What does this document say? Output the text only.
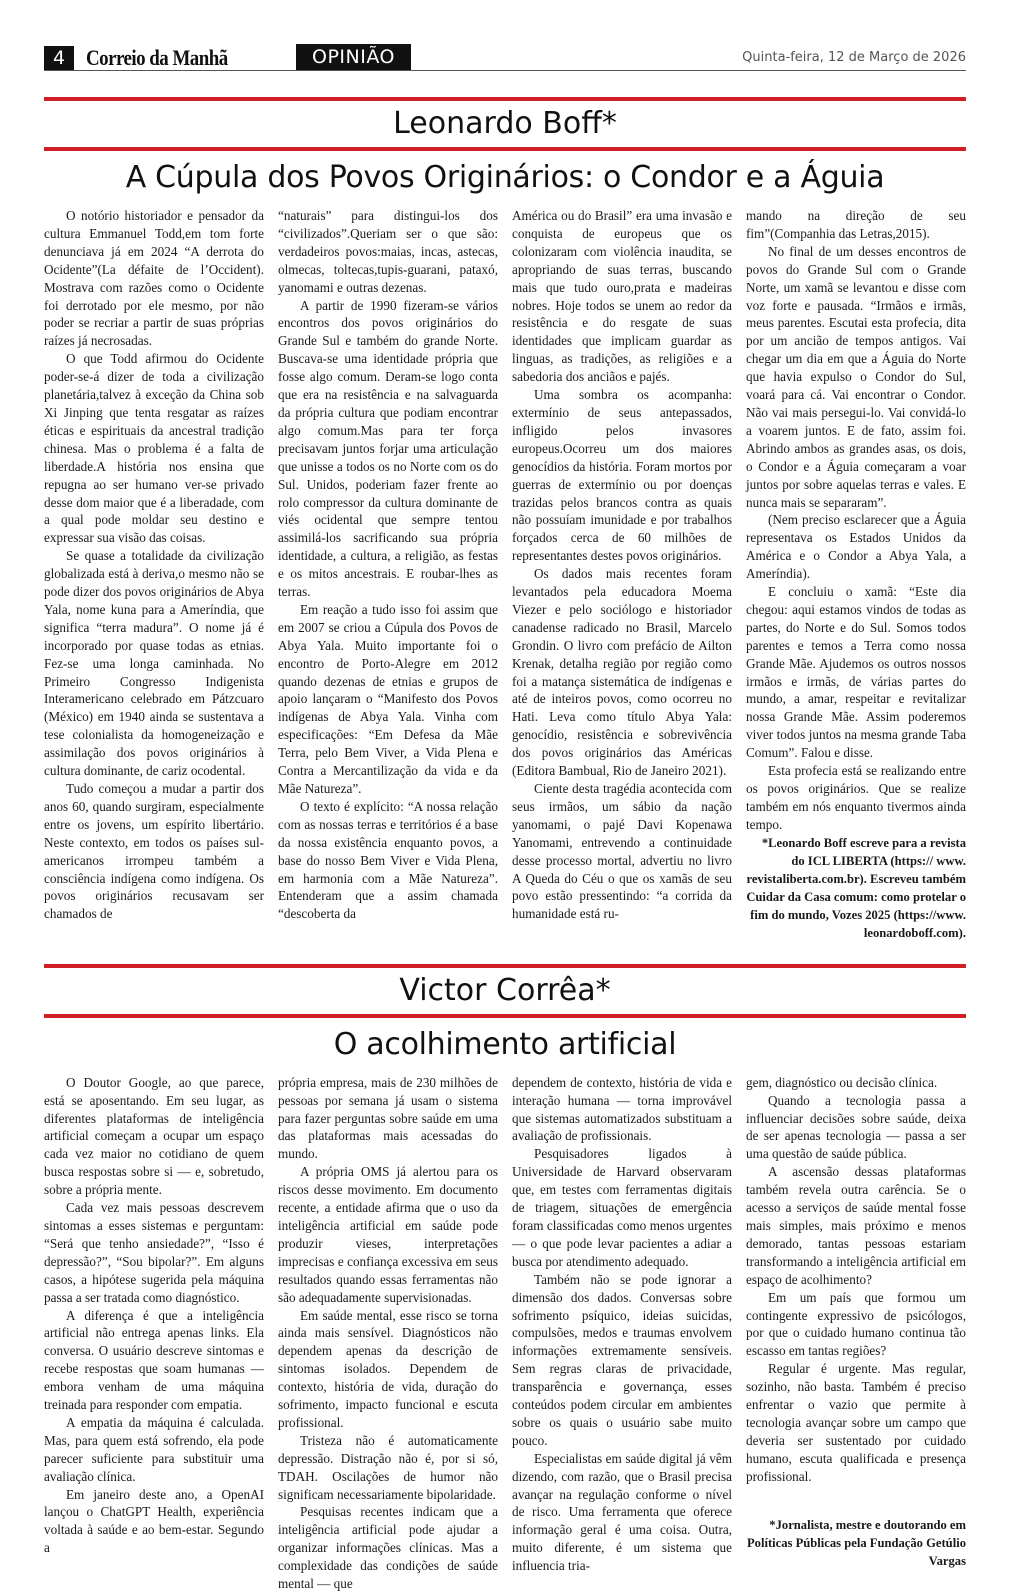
4 Correio da Manhã	OPINIÃO	Quinta-feira, 12 de Março de 2026
Leonardo Boff*
A Cúpula dos Povos Originários: o Condor e a Águia

O notório historiador e pensador da cultura Emmanuel Todd,em tom forte denunciava já em 2024 “A derrota do Ocidente”(La défaite de l’Occident). Mostrava com razões como o Ocidente foi derrotado por ele mesmo, por não poder se recriar a partir de suas próprias raízes já necrosadas.

O que Todd afirmou do Ocidente poder-se-á dizer de toda a civilização planetária,talvez à exceção da China sob Xi Jinping que tenta resgatar as raízes éticas e espirituais da ancestral tradição chinesa. Mas o problema é a falta de liberdade.A história nos ensina que repugna ao ser humano ver-se privado desse dom maior que é a liberadade, com a qual pode moldar seu destino e expressar sua visão das coisas.

Se quase a totalidade da civilização globalizada está à deriva,o mesmo não se pode dizer dos povos originários de Abya Yala, nome kuna para a Ameríndia, que significa “terra madura”. O nome já é incorporado por quase todas as etnias. Fez-se uma longa caminhada. No Primeiro Congresso Indigenista Interamericano celebrado em Pátzcuaro (México) em 1940 ainda se sustentava a tese colonialista da homogeneização e assimilação dos povos originários à cultura dominante, de cariz ocodental.

Tudo começou a mudar a partir dos anos 60, quando surgiram, especialmente entre os jovens, um espírito libertário. Neste contexto, em todos os países sul-americanos irrompeu também a consciência indígena como indígena. Os povos originários recusavam ser chamados de

“naturais” para distingui-los dos “civilizados”.Queriam ser o que são: verdadeiros povos:maias, incas, astecas, olmecas, toltecas,tupis-guarani, pataxó, yanomami e outras dezenas.

A partir de 1990 fizeram-se vários encontros dos povos originários do Grande Sul e também do grande Norte. Buscava-se uma identidade própria que fosse algo comum. Deram-se logo conta que era na resistência e na salvaguarda da própria cultura que podiam encontrar algo comum.Mas para ter força precisavam juntos forjar uma articulação que unisse a todos os no Norte com os do Sul. Unidos, poderiam fazer frente ao rolo compressor da cultura dominante de viés ocidental que sempre tentou assimilá-los sacrificando sua própria identidade, a cultura, a religião, as festas e os mitos ancestrais. E roubar-lhes as terras.

Em reação a tudo isso foi assim que em 2007 se criou a Cúpula dos Povos de Abya Yala. Muito importante foi o encontro de Porto-Alegre em 2012 quando dezenas de etnias e grupos de apoio lançaram o “Manifesto dos Povos indígenas de Abya Yala. Vinha com especificações: “Em Defesa da Mãe Terra, pelo Bem Viver, a Vida Plena e Contra a Mercantilização da vida e da Mãe Natureza”.

O texto é explícito: “A nossa relação com as nossas terras e territórios é a base da nossa existência enquanto povos, a base do nosso Bem Viver e Vida Plena, em harmonia com a Mãe Natureza”. Entenderam que a assim chamada “descoberta da

América ou do Brasil” era uma invasão e conquista de europeus que os colonizaram com violência inaudita, se apropriando de suas terras, buscando mais que tudo ouro,prata e madeiras nobres. Hoje todos se unem ao redor da resistência e do resgate de suas identidades que implicam guardar as linguas, as tradições, as religiões e a sabedoria dos anciãos e pajés.

Uma sombra os acompanha: extermínio de seus antepassados, infligido pelos invasores europeus.Ocorreu um dos maiores genocídios da história. Foram mortos por guerras de extermínio ou por doenças trazidas pelos brancos contra as quais não possuíam imunidade e por trabalhos forçados cerca de 60 milhões de representantes destes povos originários.

Os dados mais recentes foram levantados pela educadora Moema Viezer e pelo sociólogo e historiador canadense radicado no Brasil, Marcelo Grondin. O livro com prefácio de Ailton Krenak, detalha região por região como foi a matança sistemática de indígenas e até de inteiros povos, como ocorreu no Hati. Leva como título Abya Yala: genocídio, resistência e sobrevivência dos povos originários das Américas (Editora Bambual, Rio de Janeiro 2021).

Ciente desta tragédia acontecida com seus irmãos, um sábio da nação yanomami, o pajé Davi Kopenawa Yanomami, entrevendo a continuidade desse processo mortal, advertiu no livro A Queda do Céu o que os xamãs de seu povo estão pressentindo: “a corrida da humanidade está ru-

mando na direção de seu fim”(Companhia das Letras,2015).

No final de um desses encontros de povos do Grande Sul com o Grande Norte, um xamã se levantou e disse com voz forte e pausada. “Irmãos e irmãs, meus parentes. Escutai esta profecia, dita por um ancião de tempos antigos. Vai chegar um dia em que a Águia do Norte que havia expulso o Condor do Sul, voará para cá. Vai encontrar o Condor. Não vai mais persegui-lo. Vai convidá-lo a voarem juntos. E de fato, assim foi. Abrindo ambos as grandes asas, os dois, o Condor e a Águia começaram a voar juntos por sobre aquelas terras e vales. E nunca mais se separaram”.

(Nem preciso esclarecer que a Águia representava os Estados Unidos da América e o Condor a Abya Yala, a Ameríndia).

E concluiu o xamã: “Este dia chegou: aqui estamos vindos de todas as partes, do Norte e do Sul. Somos todos parentes e temos a Terra como nossa Grande Mãe. Ajudemos os outros nossos irmãos e irmãs, de várias partes do mundo, a amar, respeitar e revitalizar nossa Grande Mãe. Assim poderemos viver todos juntos na mesma grande Taba Comum”. Falou e disse.

Esta profecia está se realizando entre os povos originários. Que se realize também em nós enquanto tivermos ainda tempo.

*Leonardo Boff escreve para a revista do ICL LIBERTA (https:// www. revistaliberta.com.br). Escreveu também Cuidar da Casa comum: como protelar o fim do mundo, Vozes 2025 (https://www. leonardoboff.com).

Victor Corrêa*
O acolhimento artificial

O Doutor Google, ao que parece, está se aposentando. Em seu lugar, as diferentes plataformas de inteligência artificial começam a ocupar um espaço cada vez maior no cotidiano de quem busca respostas sobre si — e, sobretudo, sobre a própria mente.

Cada vez mais pessoas descrevem sintomas a esses sistemas e perguntam: “Será que tenho ansiedade?”, “Isso é depressão?”, “Sou bipolar?”. Em alguns casos, a hipótese sugerida pela máquina passa a ser tratada como diagnóstico.

A diferença é que a inteligência artificial não entrega apenas links. Ela conversa. O usuário descreve sintomas e recebe respostas que soam humanas — embora venham de uma máquina treinada para responder com empatia.

A empatia da máquina é calculada. Mas, para quem está sofrendo, ela pode parecer suficiente para substituir uma avaliação clínica.

Em janeiro deste ano, a OpenAI lançou o ChatGPT Health, experiência voltada à saúde e ao bem-estar. Segundo a

própria empresa, mais de 230 milhões de pessoas por semana já usam o sistema para fazer perguntas sobre saúde em uma das plataformas mais acessadas do mundo.

A própria OMS já alertou para os riscos desse movimento. Em documento recente, a entidade afirma que o uso da inteligência artificial em saúde pode produzir vieses, interpretações imprecisas e confiança excessiva em seus resultados quando essas ferramentas não são adequadamente supervisionadas.

Em saúde mental, esse risco se torna ainda mais sensível. Diagnósticos não dependem apenas da descrição de sintomas isolados. Dependem de contexto, história de vida, duração do sofrimento, impacto funcional e escuta profissional.

Tristeza não é automaticamente depressão. Distração não é, por si só, TDAH. Oscilações de humor não significam necessariamente bipolaridade.

Pesquisas recentes indicam que a inteligência artificial pode ajudar a organizar informações clínicas. Mas a complexidade das condições de saúde mental — que

dependem de contexto, história de vida e interação humana — torna improvável que sistemas automatizados substituam a avaliação de profissionais.

Pesquisadores ligados à Universidade de Harvard observaram que, em testes com ferramentas digitais de triagem, situações de emergência foram classificadas como menos urgentes — o que pode levar pacientes a adiar a busca por atendimento adequado.

Também não se pode ignorar a dimensão dos dados. Conversas sobre sofrimento psíquico, ideias suicidas, compulsões, medos e traumas envolvem informações extremamente sensíveis. Sem regras claras de privacidade, transparência e governança, esses conteúdos podem circular em ambientes sobre os quais o usuário sabe muito pouco.

Especialistas em saúde digital já vêm dizendo, com razão, que o Brasil precisa avançar na regulação conforme o nível de risco. Uma ferramenta que oferece informação geral é uma coisa. Outra, muito diferente, é um sistema que influencia tria-

gem, diagnóstico ou decisão clínica.

Quando a tecnologia passa a influenciar decisões sobre saúde, deixa de ser apenas tecnologia — passa a ser uma questão de saúde pública.

A ascensão dessas plataformas também revela outra carência. Se o acesso a serviços de saúde mental fosse mais simples, mais próximo e menos demorado, tantas pessoas estariam transformando a inteligência artificial em espaço de acolhimento?

Em um país que formou um contingente expressivo de psicólogos, por que o cuidado humano continua tão escasso em tantas regiões?

Regular é urgente. Mas regular, sozinho, não basta. Também é preciso enfrentar o vazio que permite à tecnologia avançar sobre um campo que deveria ser sustentado por cuidado humano, escuta qualificada e presença profissional.

*Jornalista, mestre e doutorando em Políticas Públicas pela Fundação Getúlio Vargas
